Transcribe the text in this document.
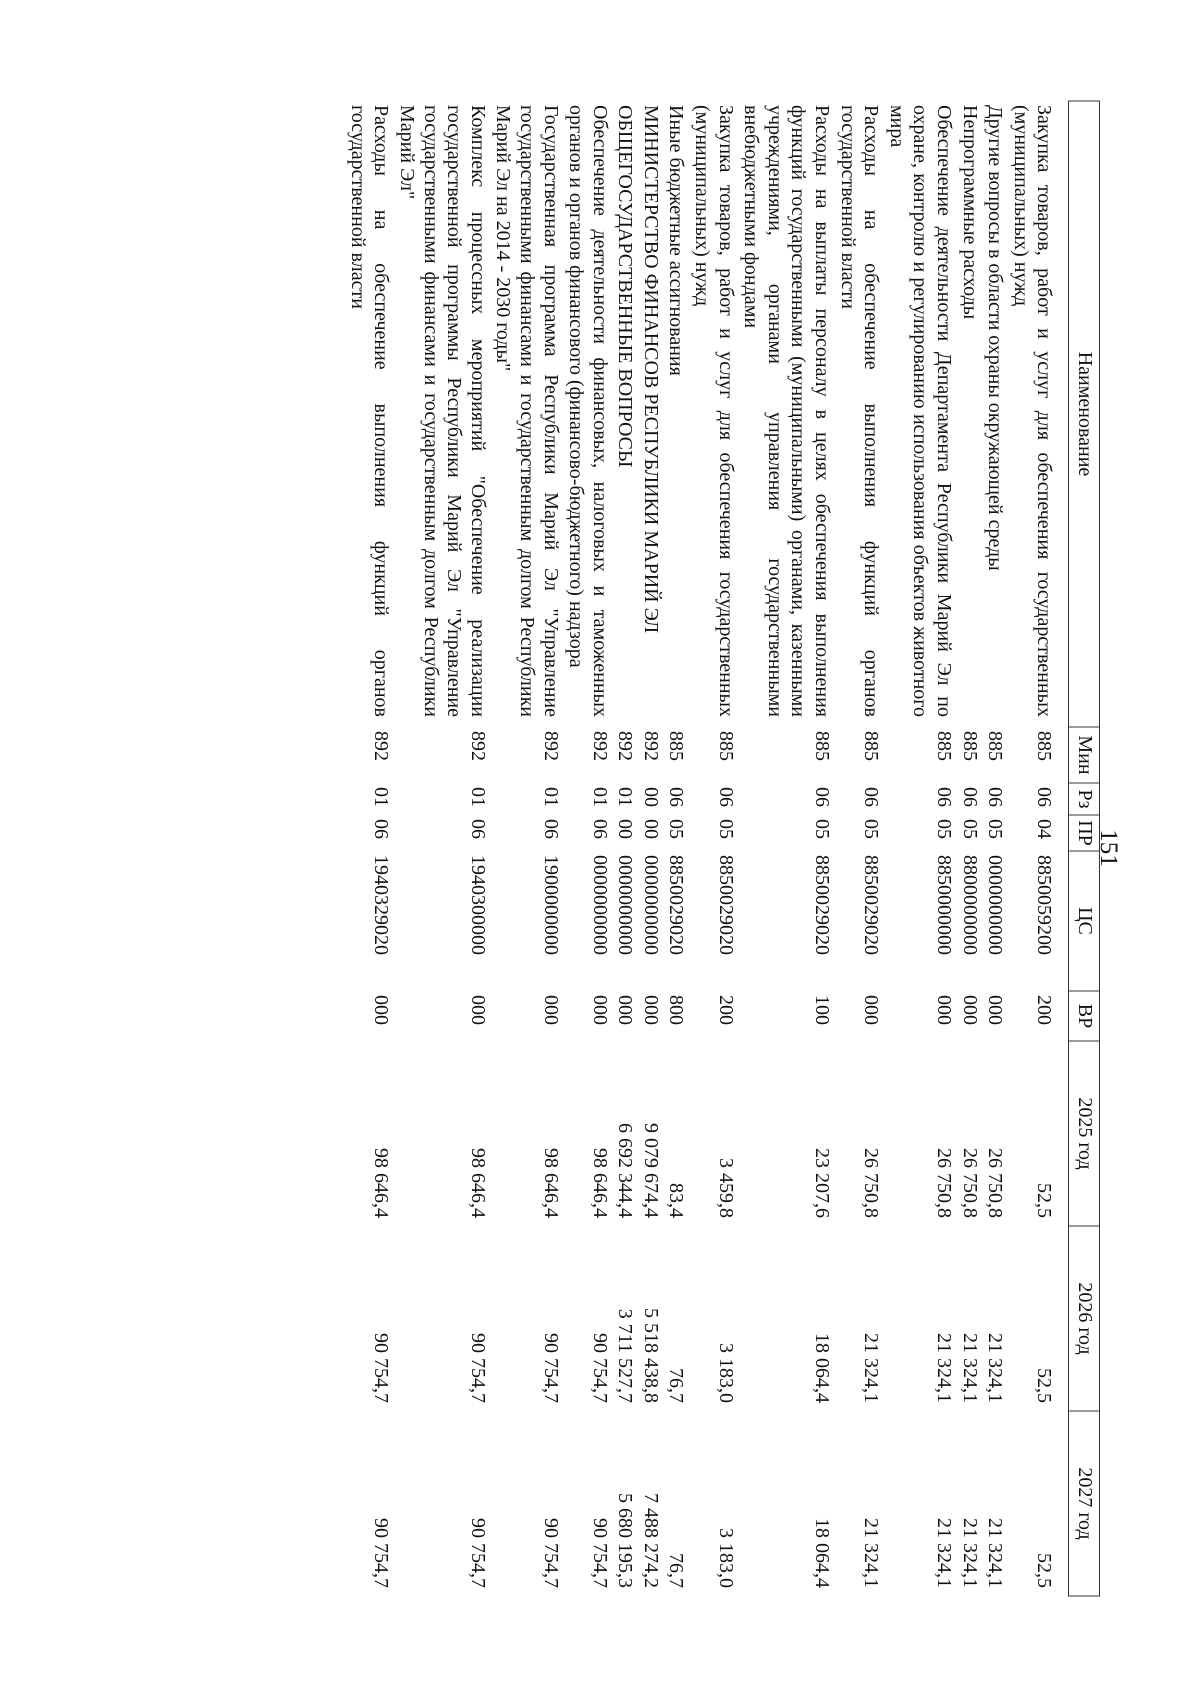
151
Наименование	Мин	Рз	ПР	ЦС	ВР	2025 год	2026 год	2027 год

Закупка товаров, работ и услуг для обеспечения государственных (муниципальных) нужд	885	06	04	8850059200	200	52,5	52,5	52,5
Другие вопросы в области охраны окружающей среды	885	06	05	0000000000	000	26 750,8	21 324,1	21 324,1
Непрограммные расходы	885	06	05	8800000000	000	26 750,8	21 324,1	21 324,1
Обеспечение деятельности Департамента Республики Марий Эл по охране, контролю и регулированию использования объектов животного мира	885	06	05	8850000000	000	26 750,8	21 324,1	21 324,1
Расходы на обеспечение выполнения функций органов государственной власти	885	06	05	8850029020	000	26 750,8	21 324,1	21 324,1
Расходы на выплаты персоналу в целях обеспечения выполнения функций государственными (муниципальными) органами, казенными учреждениями, органами управления государственными внебюджетными фондами	885	06	05	8850029020	100	23 207,6	18 064,4	18 064,4
Закупка товаров, работ и услуг для обеспечения государственных (муниципальных) нужд	885	06	05	8850029020	200	3 459,8	3 183,0	3 183,0
Иные бюджетные ассигнования	885	06	05	8850029020	800	83,4	76,7	76,7
МИНИСТЕРСТВО ФИНАНСОВ РЕСПУБЛИКИ МАРИЙ ЭЛ	892	00	00	0000000000	000	9 079 674,4	5 518 438,8	7 488 274,2
ОБЩЕГОСУДАРСТВЕННЫЕ ВОПРОСЫ	892	01	00	0000000000	000	6 692 344,4	3 711 527,7	5 680 195,3
Обеспечение деятельности финансовых, налоговых и таможенных органов и органов финансового (финансово-бюджетного) надзора	892	01	06	0000000000	000	98 646,4	90 754,7	90 754,7
Государственная программа Республики Марий Эл "Управление государственными финансами и государственным долгом Республики Марий Эл на 2014 - 2030 годы"	892	01	06	1900000000	000	98 646,4	90 754,7	90 754,7
Комплекс процессных мероприятий "Обеспечение реализации государственной программы Республики Марий Эл "Управление государственными финансами и государственным долгом Республики Марий Эл"	892	01	06	1940300000	000	98 646,4	90 754,7	90 754,7
Расходы на обеспечение выполнения функций органов государственной власти	892	01	06	1940329020	000	98 646,4	90 754,7	90 754,7
